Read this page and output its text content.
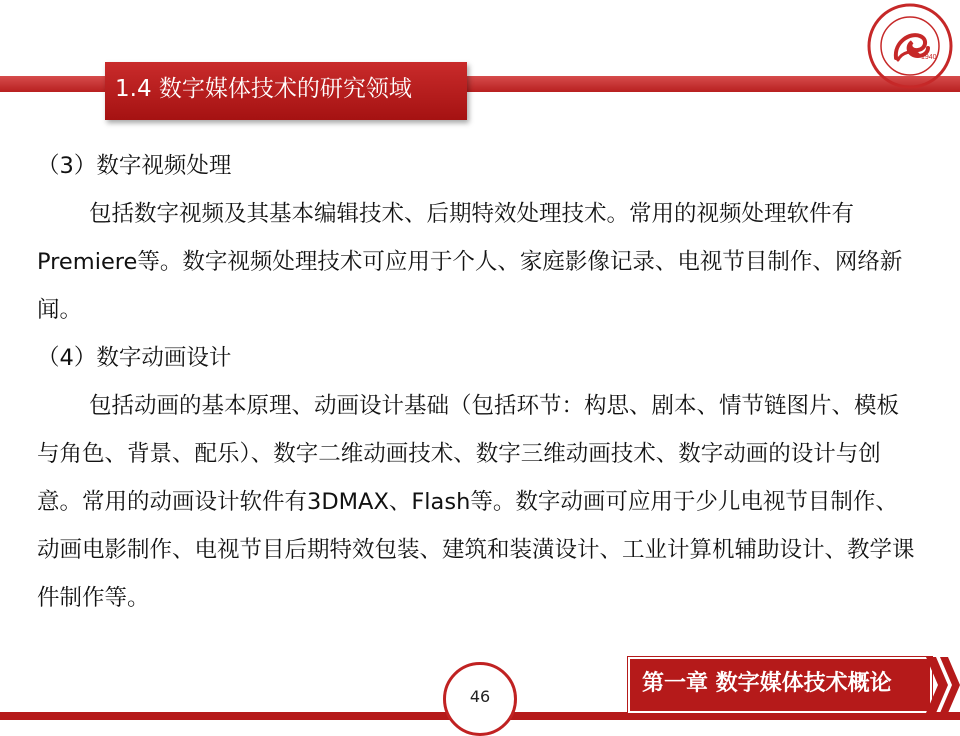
1.4 数字媒体技术的研究领域
1940

（3）数字视频处理

包括数字视频及其基本编辑技术、后期特效处理技术。常用的视频处理软件有Premiere等。数字视频处理技术可应用于个人、家庭影像记录、电视节目制作、网络新闻。

（4）数字动画设计

包括动画的基本原理、动画设计基础（包括环节：构思、剧本、情节链图片、模板与角色、背景、配乐）、数字二维动画技术、数字三维动画技术、数字动画的设计与创意。常用的动画设计软件有3DMAX、Flash等。数字动画可应用于少儿电视节目制作、动画电影制作、电视节目后期特效包装、建筑和装潢设计、工业计算机辅助设计、教学课件制作等。

46
第一章 数字媒体技术概论
